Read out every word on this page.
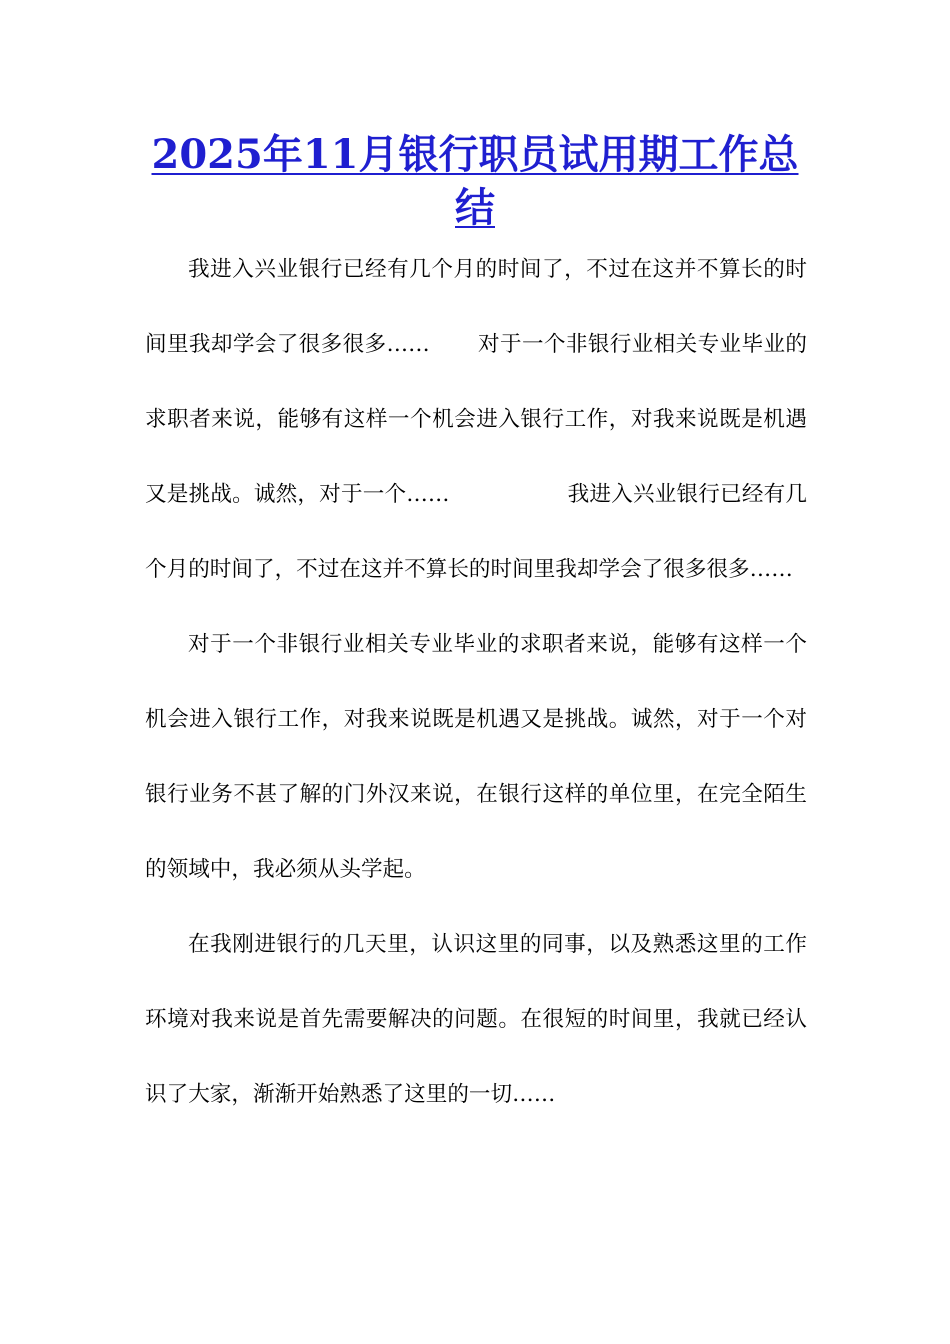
2025年11月银行职员试用期工作总结

我进入兴业银行已经有几个月的时间了，不过在这并不算长的时间里我却学会了很多很多…… 对于一个非银行业相关专业毕业的求职者来说，能够有这样一个机会进入银行工作，对我来说既是机遇又是挑战。诚然，对于一个……	我进入兴业银行已经有几个月的时间了，不过在这并不算长的时间里我却学会了很多很多……

对于一个非银行业相关专业毕业的求职者来说，能够有这样一个机会进入银行工作，对我来说既是机遇又是挑战。诚然，对于一个对银行业务不甚了解的门外汉来说，在银行这样的单位里，在完全陌生的领域中，我必须从头学起。

在我刚进银行的几天里，认识这里的同事，以及熟悉这里的工作环境对我来说是首先需要解决的问题。在很短的时间里，我就已经认识了大家，渐渐开始熟悉了这里的一切……
